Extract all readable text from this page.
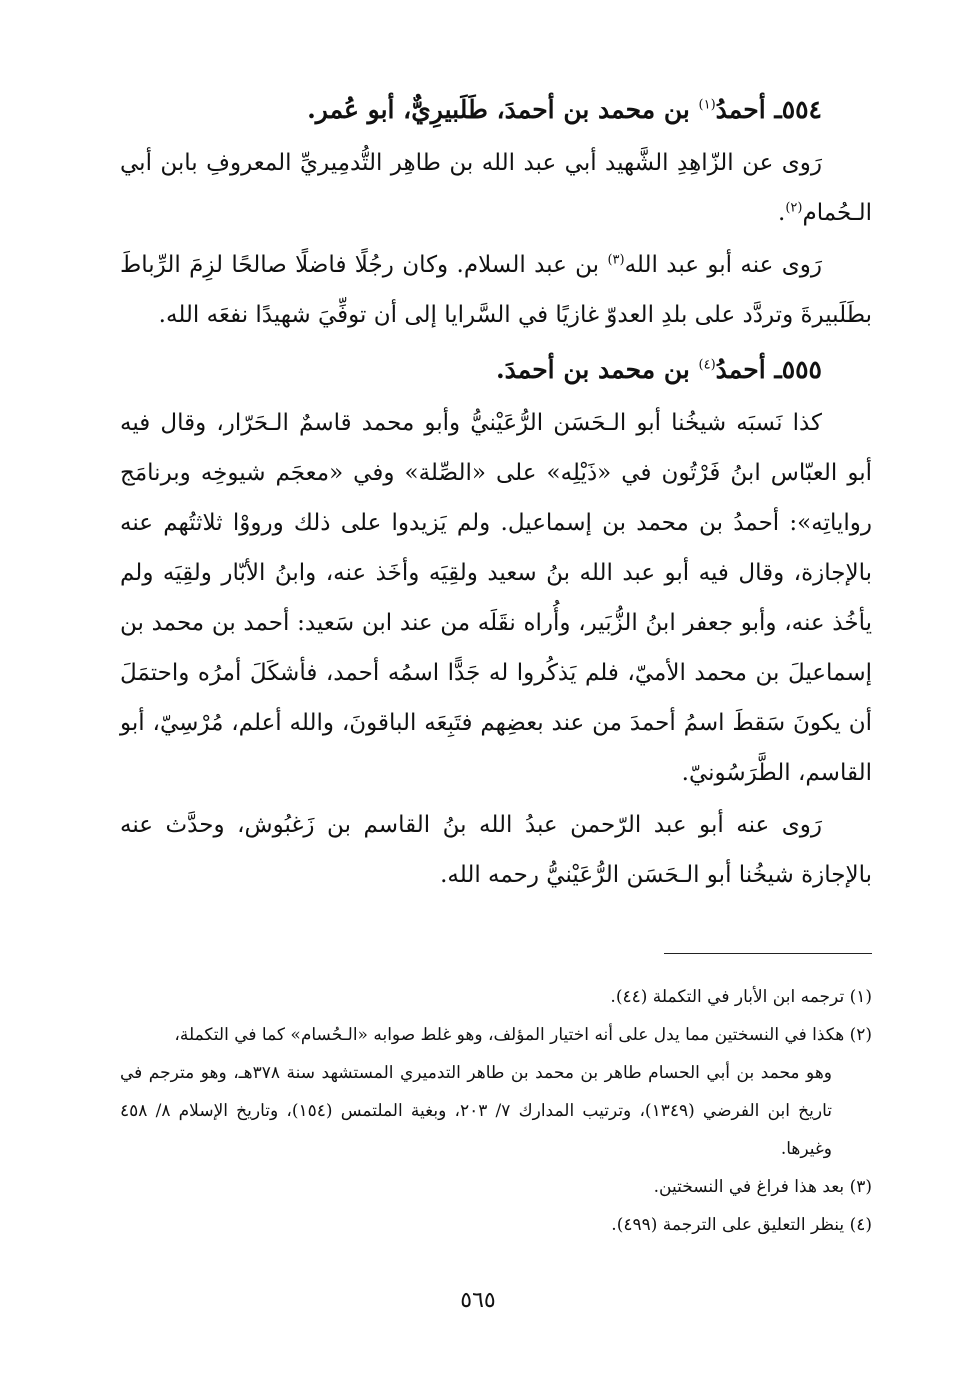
٥٥٤ـ أحمدُ$^{(١)}$ بن محمد بن أحمدَ، طَلَبيرِيٌّ، أبو عُمر.

رَوى عن الزّاهِدِ الشَّهيد أبي عبد الله بن طاهِر التُّدمِيريِّ المعروفِ بابن أبي الـحُمام$^{(٢)}$.

رَوى عنه أبو عبد الله$^{(٣)}$ بن عبد السلام. وكان رجُلًا فاضلًا صالحًا لزِمَ الرِّباطَ بطَلَبيرةَ وتردَّد على بلدِ العدوّ غازيًا في السَّرايا إلى أن توفِّيَ شهيدًا نفعَه الله.

٥٥٥ـ أحمدُ$^{(٤)}$ بن محمد بن أحمدَ.

كذا نَسبَه شيخُنا أبو الـحَسَن الرُّعَيْنيُّ وأبو محمد قاسمٌ الـحَرّار، وقال فيه أبو العبّاس ابنُ فَرْتُون في «ذَيْلِه» على «الصِّلة» وفي «معجَم شيوخِه وبرنامَج رواياتِه»: أحمدُ بن محمد بن إسماعيل. ولم يَزيدوا على ذلك ورووْا ثلاثتُهم عنه بالإجازة، وقال فيه أبو عبد الله بنُ سعيد ولقِيَه وأخَذ عنه، وابنُ الأبّار ولقِيَه ولم يأخُذ عنه، وأبو جعفر ابنُ الزُّبَير، وأُراه نقَلَه من عند ابن سَعيد: أحمد بن محمد بن إسماعيلَ بن محمد الأميّ، فلم يَذكُروا له جَدًّا اسمُه أحمد، فأشكَلَ أمرُه واحتمَلَ أن يكونَ سَقطَ اسمُ أحمدَ من عند بعضِهم فتَبِعَه الباقونَ، والله أعلم، مُرْسِيّ، أبو القاسم، الطَّرَسُونيّ.

رَوى عنه أبو عبد الرّحمن عبدُ الله بنُ القاسم بن زَغبُوش، وحدَّث عنه بالإجازة شيخُنا أبو الـحَسَن الرُّعَيْنيُّ رحمه الله.

(١) ترجمه ابن الأبار في التكملة (٤٤).

(٢) هكذا في النسختين مما يدل على أنه اختيار المؤلف، وهو غلط صوابه «الـحُسام» كما في التكملة،
وهو محمد بن أبي الحسام طاهر بن محمد بن طاهر التدميري المستشهد سنة ٣٧٨هـ، وهو مترجم في تاريخ ابن الفرضي (١٣٤٩)، وترتيب المدارك ٧/ ٢٠٣، وبغية الملتمس (١٥٤)، وتاريخ الإسلام ٨/ ٤٥٨ وغيرها.

(٣) بعد هذا فراغ في النسختين.

(٤) ينظر التعليق على الترجمة (٤٩٩).

٥٦٥
